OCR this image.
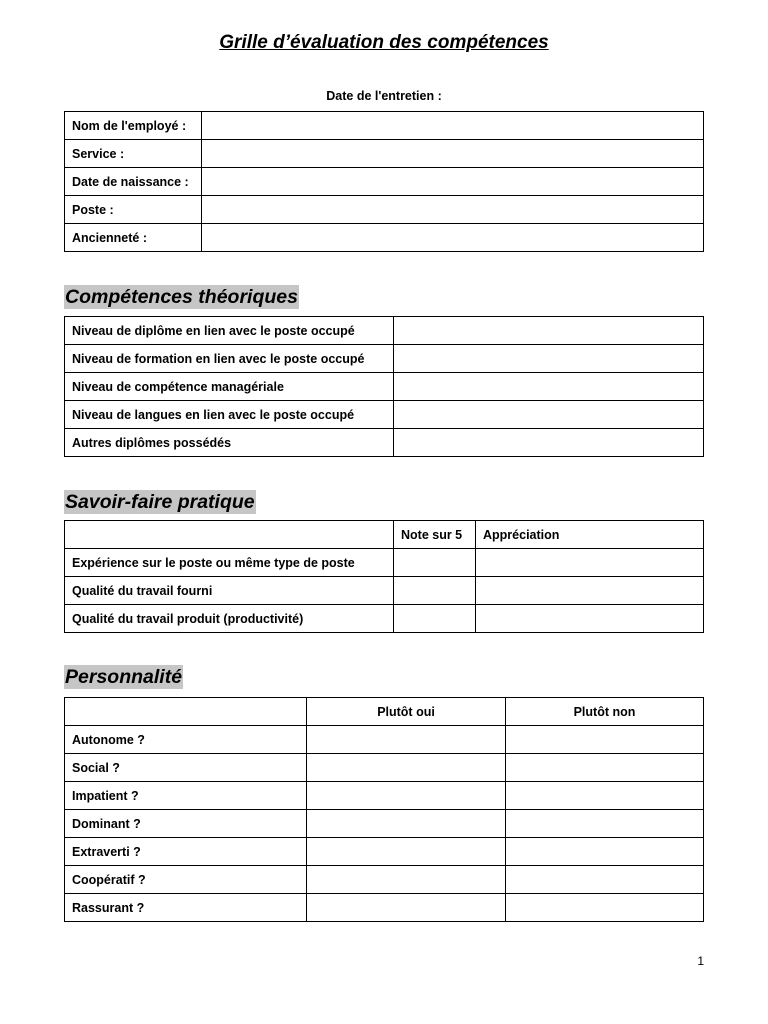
Grille d’évaluation des compétences

Date de l'entretien :

Nom de l'employé :	
Service :	
Date de naissance :	
Poste :	
Ancienneté :	
Compétences théoriques
Niveau de diplôme en lien avec le poste occupé	
Niveau de formation en lien avec le poste occupé	
Niveau de compétence managériale	
Niveau de langues en lien avec le poste occupé	
Autres diplômes possédés	
Savoir-faire pratique
	Note sur 5	Appréciation
Expérience sur le poste ou même type de poste		
Qualité du travail fourni		
Qualité du travail produit (productivité)		
Personnalité
	Plutôt oui	Plutôt non
Autonome ?		
Social ?		
Impatient ?		
Dominant ?		
Extraverti ?		
Coopératif ?		
Rassurant ?		

1
